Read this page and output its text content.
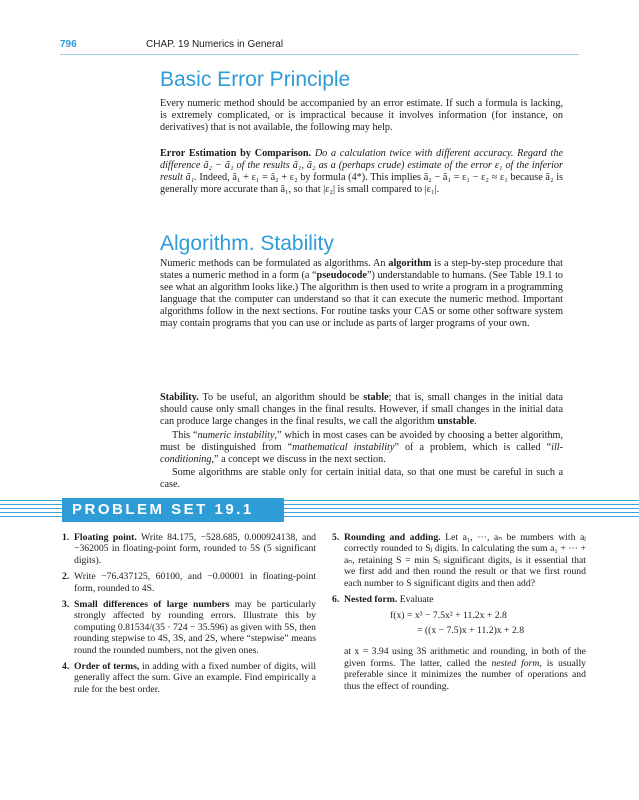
796	CHAP. 19 Numerics in General
Basic Error Principle

Every numeric method should be accompanied by an error estimate. If such a formula is lacking, is extremely complicated, or is impractical because it involves information (for instance, on derivatives) that is not available, the following may help.

Error Estimation by Comparison. Do a calculation twice with different accuracy. Regard the difference ã₂ − ã₁ of the results ã₁, ã₂ as a (perhaps crude) estimate of the error ε₁ of the inferior result ã₁. Indeed, ã₁ + ε₁ = ã₂ + ε₂ by formula (4*). This implies ã₂ − ã₁ = ε₁ − ε₂ ≈ ε₁ because ã₂ is generally more accurate than ã₁, so that |ε₂| is small compared to |ε₁|.

Algorithm. Stability

Numeric methods can be formulated as algorithms. An algorithm is a step-by-step procedure that states a numeric method in a form (a “pseudocode”) understandable to humans. (See Table 19.1 to see what an algorithm looks like.) The algorithm is then used to write a program in a programming language that the computer can understand so that it can execute the numeric method. Important algorithms follow in the next sections. For routine tasks your CAS or some other software system may contain programs that you can use or include as parts of larger programs of your own.

Stability. To be useful, an algorithm should be stable; that is, small changes in the initial data should cause only small changes in the final results. However, if small changes in the initial data can produce large changes in the final results, we call the algorithm unstable.

This “numeric instability,” which in most cases can be avoided by choosing a better algorithm, must be distinguished from “mathematical instability” of a problem, which is called “ill-conditioning,” a concept we discuss in the next section.

Some algorithms are stable only for certain initial data, so that one must be careful in such a case.

PROBLEM SET 19.1
1. Floating point. Write 84.175, −528.685, 0.000924138, and −362005 in floating-point form, rounded to 5S (5 significant digits).
2. Write −76.437125, 60100, and −0.00001 in floating-point form, rounded to 4S.
3. Small differences of large numbers may be particularly strongly affected by rounding errors. Illustrate this by computing 0.81534/(35 · 724 − 35.596) as given with 5S, then rounding stepwise to 4S, 3S, and 2S, where “stepwise” means round the rounded numbers, not the given ones.
4. Order of terms, in adding with a fixed number of digits, will generally affect the sum. Give an example. Find empirically a rule for the best order.
5. Rounding and adding. Let a₁, ···, aₙ be numbers with aⱼ correctly rounded to Sⱼ digits. In calculating the sum a₁ + ··· + aₙ, retaining S = min Sⱼ significant digits, is it essential that we first add and then round the result or that we first round each number to S significant digits and then add?
6. Nested form. Evaluate
f(x) = x³ − 7.5x² + 11.2x + 2.8
= ((x − 7.5)x + 11.2)x + 2.8
at x = 3.94 using 3S arithmetic and rounding, in both of the given forms. The latter, called the nested form, is usually preferable since it minimizes the number of operations and thus the effect of rounding.
